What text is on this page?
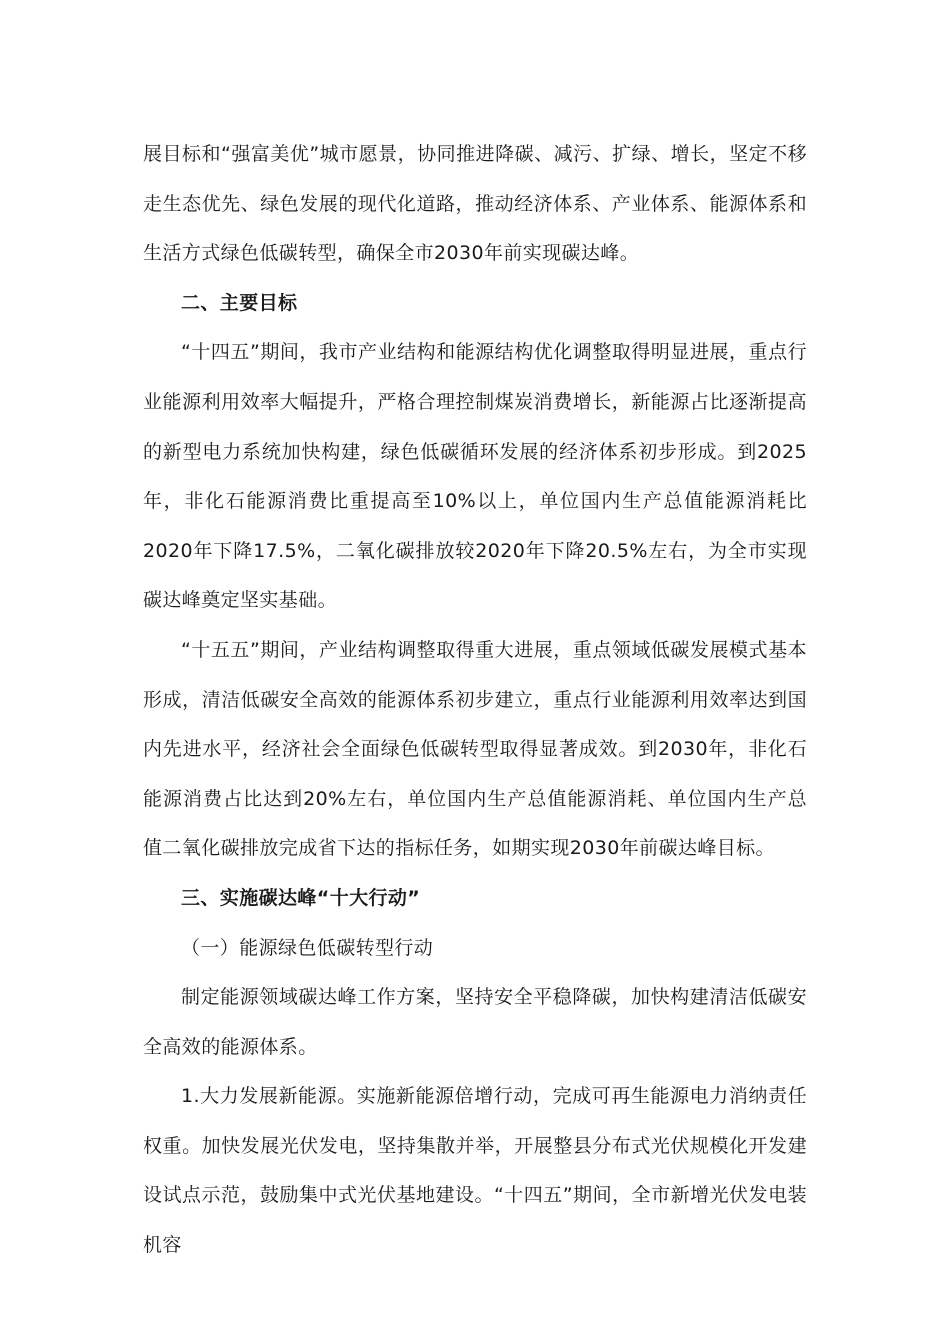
展目标和“强富美优”城市愿景，协同推进降碳、减污、扩绿、增长，坚定不移走生态优先、绿色发展的现代化道路，推动经济体系、产业体系、能源体系和生活方式绿色低碳转型，确保全市2030年前实现碳达峰。

二、主要目标

“十四五”期间，我市产业结构和能源结构优化调整取得明显进展，重点行业能源利用效率大幅提升，严格合理控制煤炭消费增长，新能源占比逐渐提高的新型电力系统加快构建，绿色低碳循环发展的经济体系初步形成。到2025年，非化石能源消费比重提高至10%以上，单位国内生产总值能源消耗比2020年下降17.5%，二氧化碳排放较2020年下降20.5%左右，为全市实现碳达峰奠定坚实基础。

“十五五”期间，产业结构调整取得重大进展，重点领域低碳发展模式基本形成，清洁低碳安全高效的能源体系初步建立，重点行业能源利用效率达到国内先进水平，经济社会全面绿色低碳转型取得显著成效。到2030年，非化石能源消费占比达到20%左右，单位国内生产总值能源消耗、单位国内生产总值二氧化碳排放完成省下达的指标任务，如期实现2030年前碳达峰目标。

三、实施碳达峰“十大行动”

（一）能源绿色低碳转型行动

制定能源领域碳达峰工作方案，坚持安全平稳降碳，加快构建清洁低碳安全高效的能源体系。

1.大力发展新能源。实施新能源倍增行动，完成可再生能源电力消纳责任权重。加快发展光伏发电，坚持集散并举，开展整县分布式光伏规模化开发建设试点示范，鼓励集中式光伏基地建设。“十四五”期间，全市新增光伏发电装机容
